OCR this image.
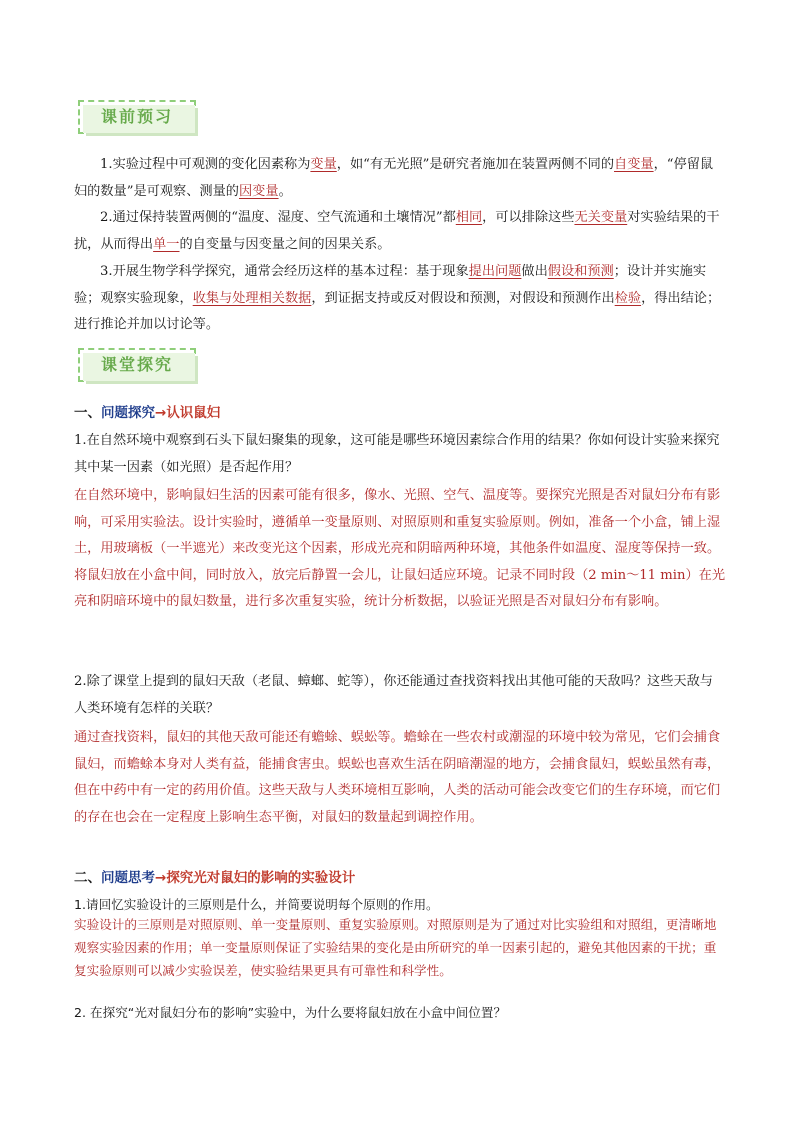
课前预习
1.实验过程中可观测的变化因素称为变量，如“有无光照”是研究者施加在装置两侧不同的自变量，“停留鼠妇的数量”是可观察、测量的因变量。
2.通过保持装置两侧的“温度、湿度、空气流通和土壤情况”都相同，可以排除这些无关变量对实验结果的干扰，从而得出单一的自变量与因变量之间的因果关系。
3.开展生物学科学探究，通常会经历这样的基本过程：基于现象提出问题做出假设和预测；设计并实施实验；观察实验现象，收集与处理相关数据，到证据支持或反对假设和预测，对假设和预测作出检验，得出结论；进行推论并加以讨论等。
课堂探究
一、问题探究→认识鼠妇
1.在自然环境中观察到石头下鼠妇聚集的现象，这可能是哪些环境因素综合作用的结果？你如何设计实验来探究其中某一因素（如光照）是否起作用？
在自然环境中，影响鼠妇生活的因素可能有很多，像水、光照、空气、温度等。要探究光照是否对鼠妇分布有影响，可采用实验法。设计实验时，遵循单一变量原则、对照原则和重复实验原则。例如，准备一个小盒，铺上湿土，用玻璃板（一半遮光）来改变光这个因素，形成光亮和阴暗两种环境，其他条件如温度、湿度等保持一致。将鼠妇放在小盒中间，同时放入，放完后静置一会儿，让鼠妇适应环境。记录不同时段（2 min～11 min）在光亮和阴暗环境中的鼠妇数量，进行多次重复实验，统计分析数据，以验证光照是否对鼠妇分布有影响。
2.除了课堂上提到的鼠妇天敌（老鼠、蟑螂、蛇等），你还能通过查找资料找出其他可能的天敌吗？这些天敌与人类环境有怎样的关联？
通过查找资料，鼠妇的其他天敌可能还有蟾蜍、蜈蚣等。蟾蜍在一些农村或潮湿的环境中较为常见，它们会捕食鼠妇，而蟾蜍本身对人类有益，能捕食害虫。蜈蚣也喜欢生活在阴暗潮湿的地方，会捕食鼠妇，蜈蚣虽然有毒，但在中药中有一定的药用价值。这些天敌与人类环境相互影响，人类的活动可能会改变它们的生存环境，而它们的存在也会在一定程度上影响生态平衡，对鼠妇的数量起到调控作用。
二、问题思考→探究光对鼠妇的影响的实验设计
1.请回忆实验设计的三原则是什么，并简要说明每个原则的作用。
实验设计的三原则是对照原则、单一变量原则、重复实验原则。对照原则是为了通过对比实验组和对照组，更清晰地观察实验因素的作用；单一变量原则保证了实验结果的变化是由所研究的单一因素引起的，避免其他因素的干扰；重复实验原则可以减少实验误差，使实验结果更具有可靠性和科学性。
2. 在探究“光对鼠妇分布的影响”实验中，为什么要将鼠妇放在小盒中间位置？
